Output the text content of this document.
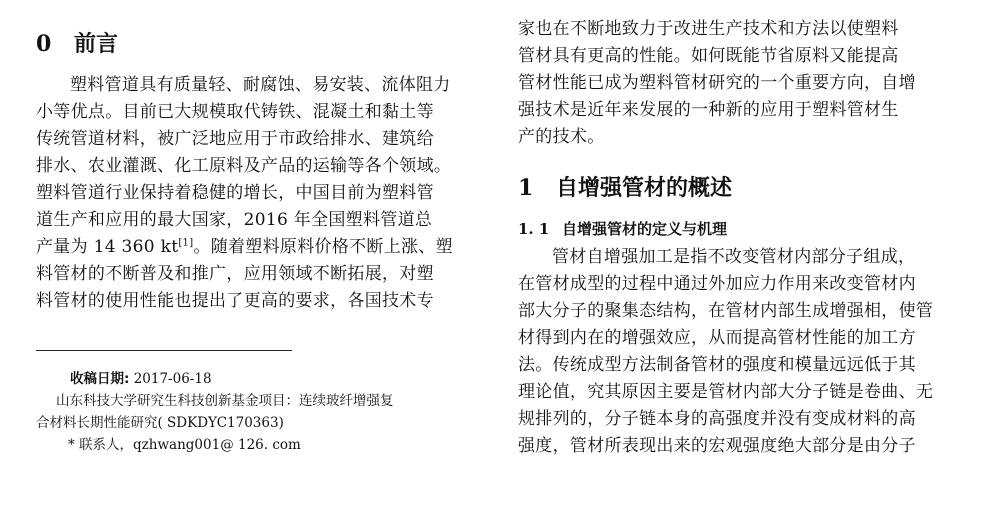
0 前言
塑料管道具有质量轻、耐腐蚀、易安装、流体阻力
小等优点。目前已大规模取代铸铁、混凝土和黏土等
传统管道材料，被广泛地应用于市政给排水、建筑给
排水、农业灌溉、化工原料及产品的运输等各个领域。
塑料管道行业保持着稳健的增长，中国目前为塑料管
道生产和应用的最大国家，2016 年全国塑料管道总
产量为 14 360 kt[1]。随着塑料原料价格不断上涨、塑
料管材的不断普及和推广，应用领域不断拓展，对塑
料管材的使用性能也提出了更高的要求，各国技术专
收稿日期: 2017-06-18
山东科技大学研究生科技创新基金项目：连续玻纤增强复
合材料长期性能研究( SDKDYC170363)
* 联系人，qzhwang001@ 126. com
家也在不断地致力于改进生产技术和方法以使塑料
管材具有更高的性能。如何既能节省原料又能提高
管材性能已成为塑料管材研究的一个重要方向，自增
强技术是近年来发展的一种新的应用于塑料管材生
产的技术。
1 自增强管材的概述
1. 1 自增强管材的定义与机理
管材自增强加工是指不改变管材内部分子组成，
在管材成型的过程中通过外加应力作用来改变管材内
部大分子的聚集态结构，在管材内部生成增强相，使管
材得到内在的增强效应，从而提高管材性能的加工方
法。传统成型方法制备管材的强度和模量远远低于其
理论值，究其原因主要是管材内部大分子链是卷曲、无
规排列的，分子链本身的高强度并没有变成材料的高
强度，管材所表现出来的宏观强度绝大部分是由分子
